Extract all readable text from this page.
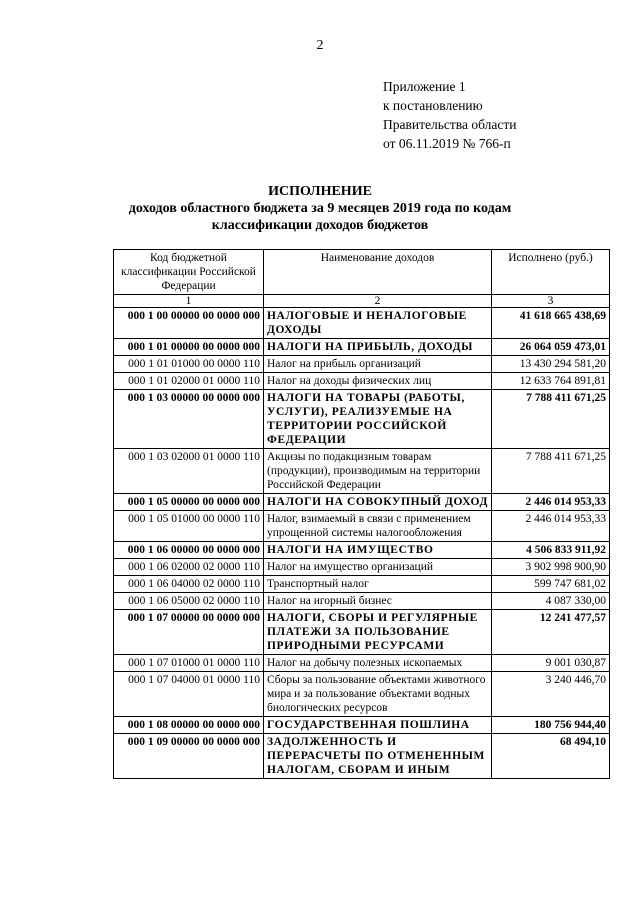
2
Приложение 1
к постановлению
Правительства области
от 06.11.2019 № 766-п
ИСПОЛНЕНИЕ
доходов областного бюджета за 9 месяцев 2019 года по кодам
классификации доходов бюджетов
Код бюджетной классификации Российской Федерации	Наименование доходов	Исполнено (руб.)
1	2	3
000 1 00 00000 00 0000 000	НАЛОГОВЫЕ И НЕНАЛОГОВЫЕ ДОХОДЫ	41 618 665 438,69
000 1 01 00000 00 0000 000	НАЛОГИ НА ПРИБЫЛЬ, ДОХОДЫ	26 064 059 473,01
000 1 01 01000 00 0000 110	Налог на прибыль организаций	13 430 294 581,20
000 1 01 02000 01 0000 110	Налог на доходы физических лиц	12 633 764 891,81
000 1 03 00000 00 0000 000	НАЛОГИ НА ТОВАРЫ (РАБОТЫ, УСЛУГИ), РЕАЛИЗУЕМЫЕ НА ТЕРРИТОРИИ РОССИЙСКОЙ ФЕДЕРАЦИИ	7 788 411 671,25
000 1 03 02000 01 0000 110	Акцизы по подакцизным товарам (продукции), производимым на территории Российской Федерации	7 788 411 671,25
000 1 05 00000 00 0000 000	НАЛОГИ НА СОВОКУПНЫЙ ДОХОД	2 446 014 953,33
000 1 05 01000 00 0000 110	Налог, взимаемый в связи с применением упрощенной системы налогообложения	2 446 014 953,33
000 1 06 00000 00 0000 000	НАЛОГИ НА ИМУЩЕСТВО	4 506 833 911,92
000 1 06 02000 02 0000 110	Налог на имущество организаций	3 902 998 900,90
000 1 06 04000 02 0000 110	Транспортный налог	599 747 681,02
000 1 06 05000 02 0000 110	Налог на игорный бизнес	4 087 330,00
000 1 07 00000 00 0000 000	НАЛОГИ, СБОРЫ И РЕГУЛЯРНЫЕ ПЛАТЕЖИ ЗА ПОЛЬЗОВАНИЕ ПРИРОДНЫМИ РЕСУРСАМИ	12 241 477,57
000 1 07 01000 01 0000 110	Налог на добычу полезных ископаемых	9 001 030,87
000 1 07 04000 01 0000 110	Сборы за пользование объектами животного мира и за пользование объектами водных биологических ресурсов	3 240 446,70
000 1 08 00000 00 0000 000	ГОСУДАРСТВЕННАЯ ПОШЛИНА	180 756 944,40
000 1 09 00000 00 0000 000	ЗАДОЛЖЕННОСТЬ И ПЕРЕРАСЧЕТЫ ПО ОТМЕНЕННЫМ НАЛОГАМ, СБОРАМ И ИНЫМ	68 494,10
